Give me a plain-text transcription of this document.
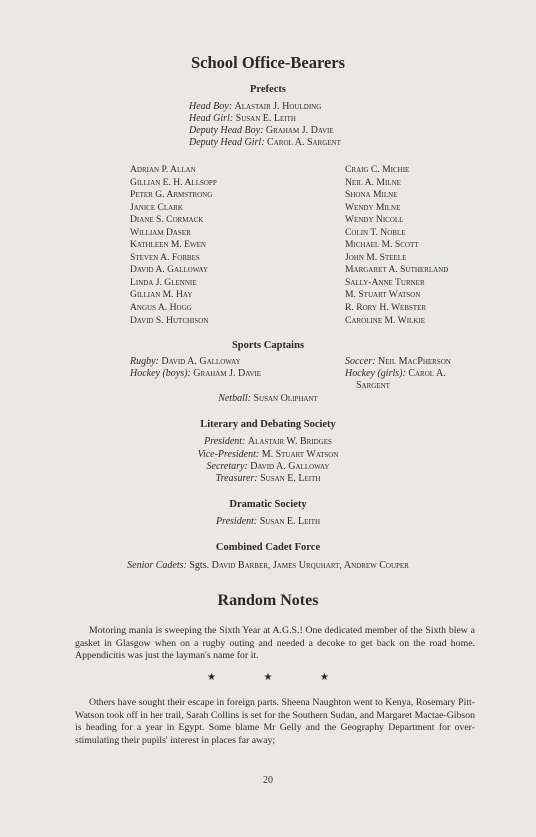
School Office-Bearers
Prefects
Head Boy: Alastair J. Houlding
Head Girl: Susan E. Leith
Deputy Head Boy: Graham J. Davie
Deputy Head Girl: Carol A. Sargent
Adrian P. Allan
Gillian E. H. Allsopp
Peter G. Armstrong
Janice Clark
Diane S. Cormack
William Daser
Kathleen M. Ewen
Steven A. Forbes
David A. Galloway
Linda J. Glennie
Gillian M. Hay
Angus A. Hogg
David S. Hutchison
Craig C. Michie
Neil A. Milne
Shona Milne
Wendy Milne
Wendy Nicoll
Colin T. Noble
Michael M. Scott
John M. Steele
Margaret A. Sutherland
Sally-Anne Turner
M. Stuart Watson
R. Rory H. Webster
Caroline M. Wilkie
Sports Captains
Rugby: David A. Galloway	Soccer: Neil MacPherson
Hockey (boys): Graham J. Davie	Hockey (girls): Carol A.
Sargent
Netball: Susan Oliphant
Literary and Debating Society
President: Alastair W. Bridges
Vice-President: M. Stuart Watson
Secretary: David A. Galloway
Treasurer: Susan E. Leith
Dramatic Society
President: Susan E. Leith
Combined Cadet Force
Senior Cadets: Sgts. David Barber, James Urquhart, Andrew Couper
Random Notes
Motoring mania is sweeping the Sixth Year at A.G.S.! One dedicated member of the Sixth blew a gasket in Glasgow when on a rugby outing and needed a decoke to get back on the road home. Appendicitis was just the layman's name for it.
★	★	★
Others have sought their escape in foreign parts. Sheena Naughton went to Kenya, Rosemary Pitt-Watson took off in her trail, Sarah Collins is set for the Southern Sudan, and Margaret Mactae-Gibson is heading for a year in Egypt. Some blame Mr Gelly and the Geography Department for over-stimulating their pupils' interest in places far away;
20
